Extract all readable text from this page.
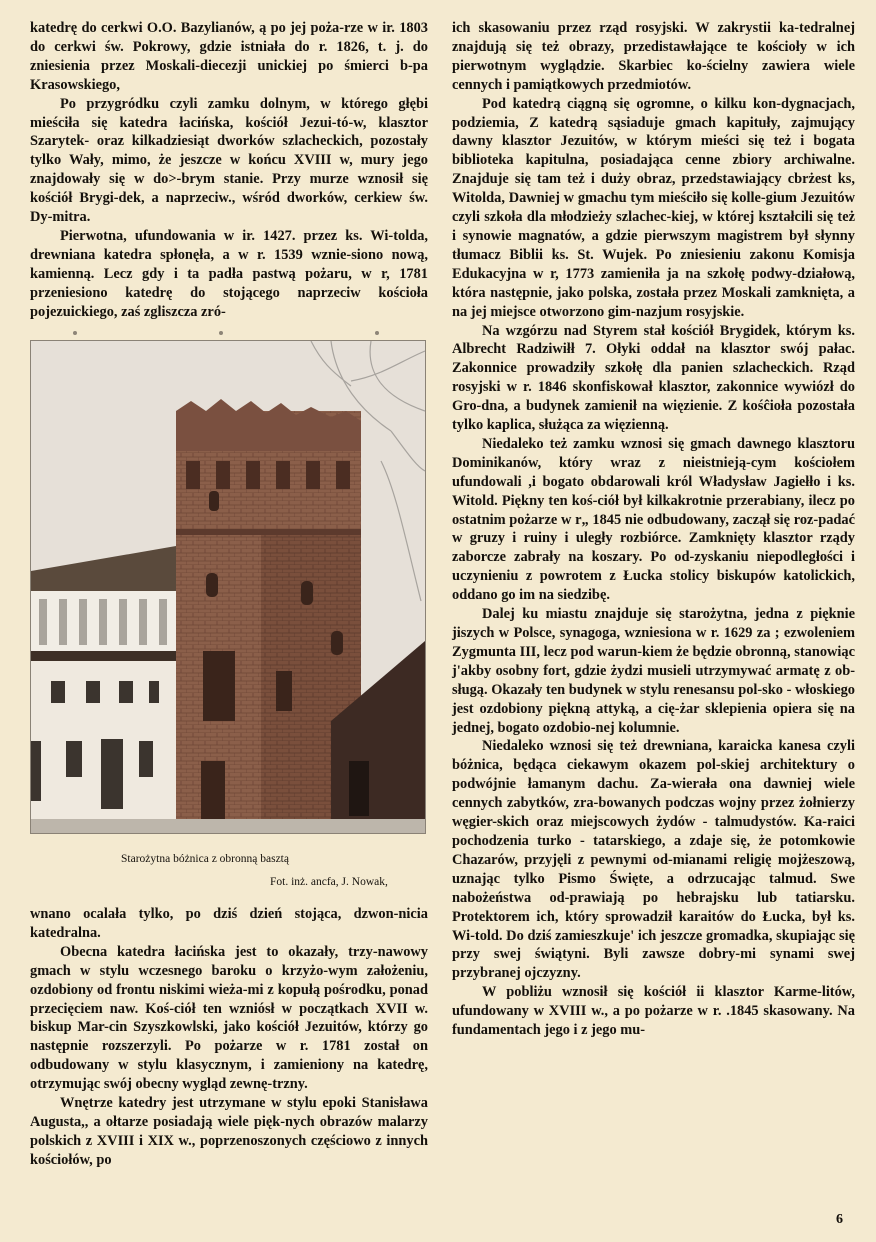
katedrę do cerkwi O.O. Bazylianów, ą po jej poża-rze w ir. 1803 do cerkwi św. Pokrowy, gdzie istniała do r. 1826, t. j. do zniesienia przez Moskali-diecezji unickiej po śmierci b-pa Krasowskiego,

Po przygródku czyli zamku dolnym, w którego głębi mieściła się katedra łacińska, kościół Jezui-tó-w, klasztor Szarytek- oraz kilkadziesiąt dworków szlacheckich, pozostały tylko Wały, mimo, że jeszcze w końcu XVIII w, mury jego znajdowały się w do>-brym stanie. Przy murze wznosił się kościół Brygi-dek, a naprzeciw., wśród dworków, cerkiew św. Dy-mitra.

Pierwotna, ufundowania w ir. 1427. przez ks. Wi-tolda, drewniana katedra spłonęła, a w r. 1539 wznie-siono nową, kamienną. Lecz gdy i ta padła pastwą pożaru, w r, 1781 przeniesiono katedrę do stojącego naprzeciw kościoła pojezuickiego, zaś zgliszcza zró-

Starożytna bóżnica z obronną basztą
Fot. inż. ancfa, J. Nowak,

wnano ocalała tylko, po dziś dzień stojąca, dzwon-nicia katedralna.

Obecna katedra łacińska jest to okazały, trzy-nawowy gmach w stylu wczesnego baroku o krzyżo-wym założeniu, ozdobiony od frontu niskimi wieża-mi z kopułą pośrodku, ponad przecięciem naw. Koś-ciół ten wzniósł w początkach XVII w. biskup Mar-cin Szyszkowlski, jako kościół Jezuitów, którzy go następnie rozszerzyli. Po pożarze w r. 1781 został on odbudowany w stylu klasycznym, i zamieniony na katedrę, otrzymując swój obecny wygląd zewnę-trzny.

Wnętrze katedry jest utrzymane w stylu epoki Stanisława Augusta,, a ołtarze posiadają wiele pięk-nych obrazów malarzy polskich z XVIII i XIX w., poprzenoszonych częściowo z innych kościołów, po

ich skasowaniu przez rząd rosyjski. W zakrystii ka-tedralnej znajdują się też obrazy, przedistawłające te kościoły w ich pierwotnym wyglądzie. Skarbiec ko-ścielny zawiera wiele cennych i pamiątkowych przedmiotów.

Pod katedrą ciągną się ogromne, o kilku kon-dygnacjach, podziemia, Z katedrą sąsiaduje gmach kapituły, zajmujący dawny klasztor Jezuitów, w którym mieści się też i bogata biblioteka kapitulna, posiadająca cenne zbiory archiwalne. Znajduje się tam też i duży obraz, przedstawiający cbrżest ks, Witolda, Dawniej w gmachu tym mieściło się kolle-gium Jezuitów czyli szkoła dla młodzieży szlachec-kiej, w której kształcili się też i synowie magnatów, a gdzie pierwszym magistrem był słynny tłumacz Biblii ks. St. Wujek. Po zniesieniu zakonu Komisja Edukacyjna w r, 1773 zamieniła ja na szkołę podwy-działową, która następnie, jako polska, została przez Moskali zamknięta, a na jej miejsce otworzono gim-nazjum rosyjskie.

Na wzgórzu nad Styrem stał kościół Brygidek, którym ks. Albrecht Radziwiłł 7. Ołyki oddał na klasztor swój pałac. Zakonnice prowadziły szkołę dla panien szlacheckich. Rząd rosyjski w r. 1846 skonfiskował klasztor, zakonnice wywiózł do Gro-dna, a budynek zamienił na więzienie. Z kośĉioła pozostała tylko kaplica, służąca za więzienną.

Niedaleko też zamku wznosi się gmach dawnego klasztoru Dominikanów, który wraz z nieistnieją-cym kościołem ufundowali ,i bogato obdarowali król Władysław Jagiełło i ks. Witold. Piękny ten koś-ciół był kilkakrotnie przerabiany, ilecz po ostatnim pożarze w r„ 1845 nie odbudowany, zaczął się roz-padać w gruzy i ruiny i uległy rozbiórce. Zamknięty klasztor rządy zaborcze zabrały na koszary. Po od-zyskaniu niepodległości i uczynieniu z powrotem z Łucka stolicy biskupów katolickich, oddano go im na siedzibę.

Dalej ku miastu znajduje się starożytna, jedna z pięknie jiszych w Polsce, synagoga, wzniesiona w r. 1629 za ; ezwoleniem Zygmunta III, lecz pod warun-kiem że będzie obronną, stanowiąc j'akby osobny fort, gdzie żydzi musieli utrzymywać armatę z ob-sługą. Okazały ten budynek w stylu renesansu pol-sko - włoskiego jest ozdobiony piękną attyką, a cię-żar sklepienia opiera się na jednej, bogato ozdobio-nej kolumnie.

Niedaleko wznosi się też drewniana, karaicka kanesa czyli bóżnica, będąca ciekawym okazem pol-skiej architektury o podwójnie łamanym dachu. Za-wierała ona dawniej wiele cennych zabytków, zra-bowanych podczas wojny przez żołnierzy węgier-skich oraz miejscowych żydów - talmudystów. Ka-raici pochodzenia turko - tatarskiego, a zdaje się, że potomkowie Chazarów, przyjęli z pewnymi od-mianami religię mojżeszową, uznając tylko Pismo Święte, a odrzucając talmud. Swe nabożeństwa od-prawiają po hebrajsku lub tatiarsku. Protektorem ich, który sprowadził karaitów do Łucka, był ks. Wi-told. Do dziś zamieszkuje' ich jeszcze gromadka, skupiając się przy swej świątyni. Byli zawsze dobry-mi synami swej przybranej ojczyzny.

W pobliżu wznosił się kościół ii klasztor Karme-litów, ufundowany w XVIII w., a po pożarze w r. .1845 skasowany. Na fundamentach jego i z jego mu-

6
